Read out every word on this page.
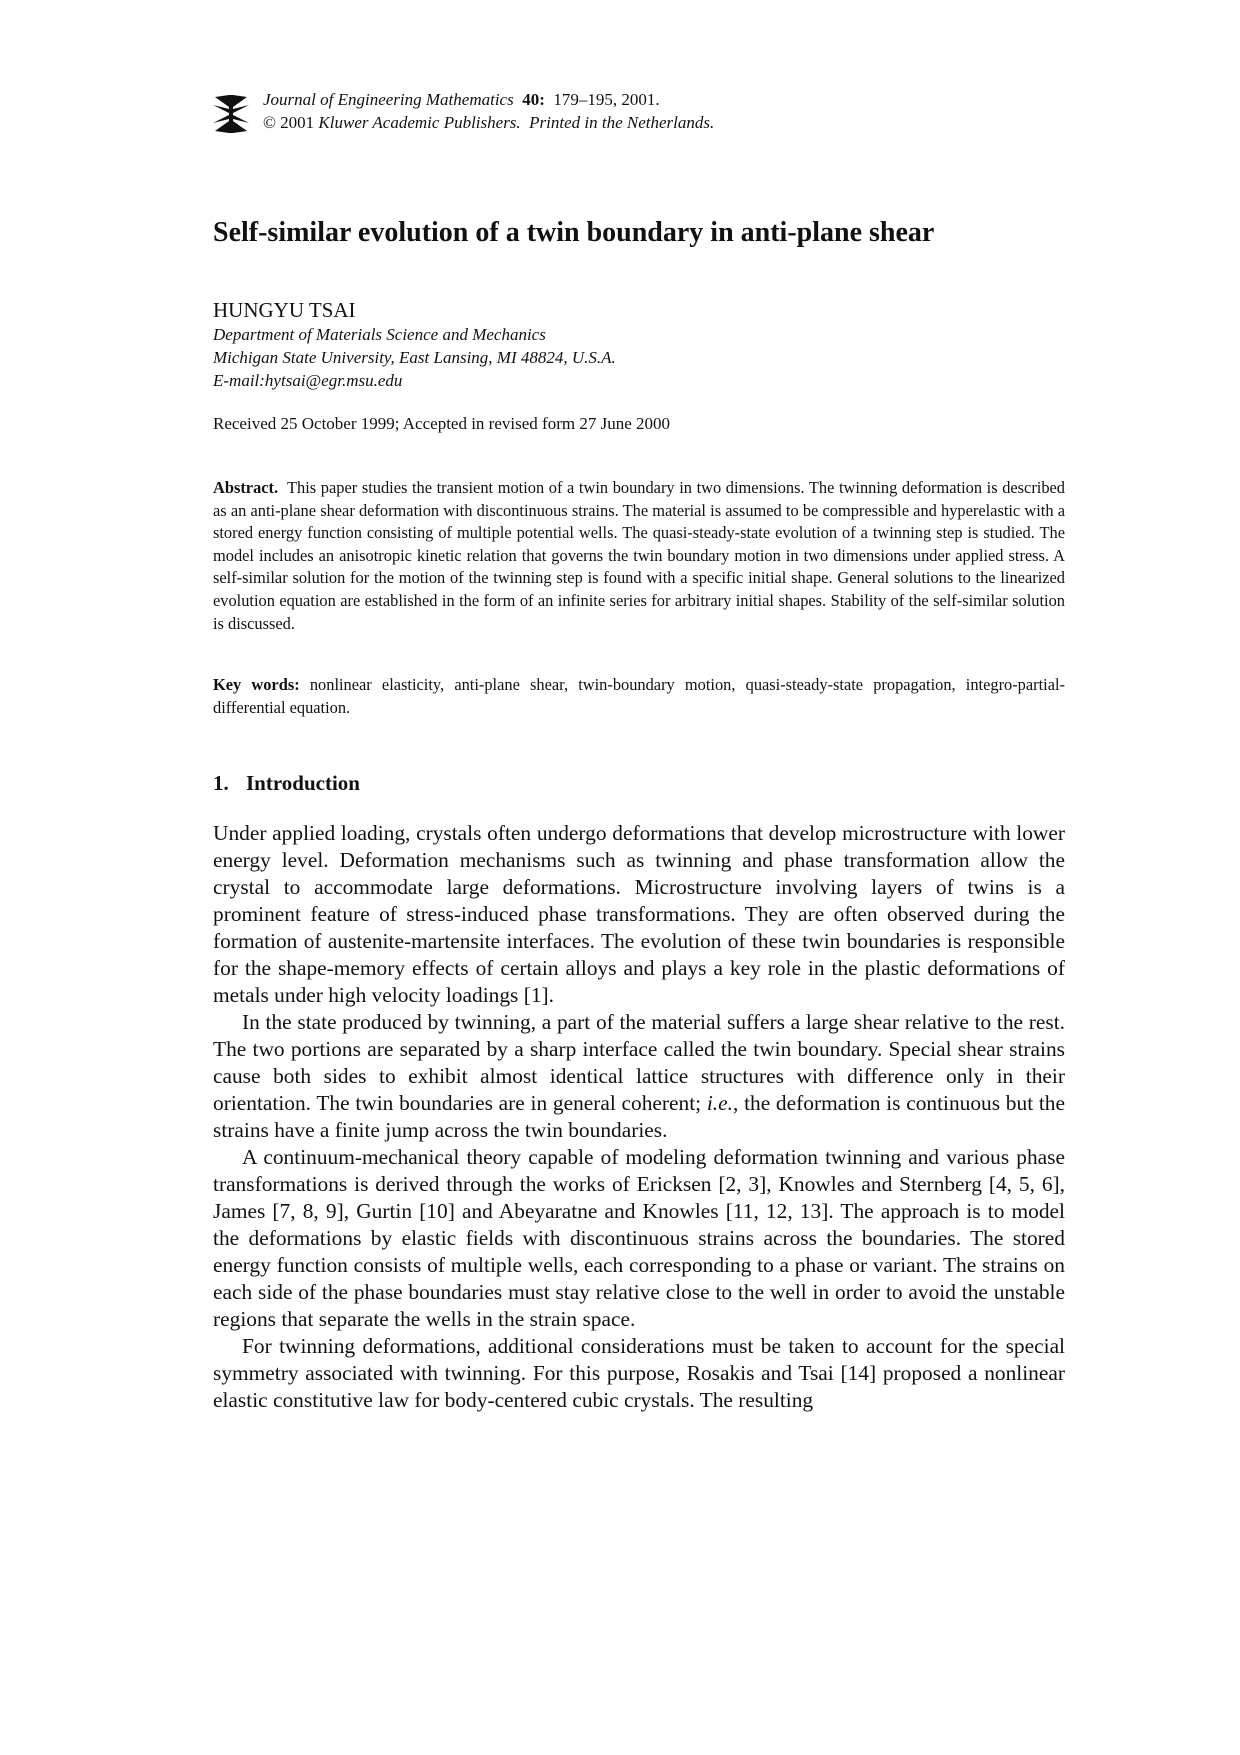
Journal of Engineering Mathematics 40: 179–195, 2001.
© 2001 Kluwer Academic Publishers. Printed in the Netherlands.
Self-similar evolution of a twin boundary in anti-plane shear
HUNGYU TSAI
Department of Materials Science and Mechanics
Michigan State University, East Lansing, MI 48824, U.S.A.
E-mail:hytsai@egr.msu.edu
Received 25 October 1999; Accepted in revised form 27 June 2000

Abstract. This paper studies the transient motion of a twin boundary in two dimensions. The twinning deformation is described as an anti-plane shear deformation with discontinuous strains. The material is assumed to be compressible and hyperelastic with a stored energy function consisting of multiple potential wells. The quasi-steady-state evolution of a twinning step is studied. The model includes an anisotropic kinetic relation that governs the twin boundary motion in two dimensions under applied stress. A self-similar solution for the motion of the twinning step is found with a specific initial shape. General solutions to the linearized evolution equation are established in the form of an infinite series for arbitrary initial shapes. Stability of the self-similar solution is discussed.

Key words: nonlinear elasticity, anti-plane shear, twin-boundary motion, quasi-steady-state propagation, integro-partial-differential equation.

1. Introduction

Under applied loading, crystals often undergo deformations that develop microstructure with lower energy level. Deformation mechanisms such as twinning and phase transformation allow the crystal to accommodate large deformations. Microstructure involving layers of twins is a prominent feature of stress-induced phase transformations. They are often observed during the formation of austenite-martensite interfaces. The evolution of these twin boundaries is responsible for the shape-memory effects of certain alloys and plays a key role in the plastic deformations of metals under high velocity loadings [1].

In the state produced by twinning, a part of the material suffers a large shear relative to the rest. The two portions are separated by a sharp interface called the twin boundary. Special shear strains cause both sides to exhibit almost identical lattice structures with difference only in their orientation. The twin boundaries are in general coherent; i.e., the deformation is continuous but the strains have a finite jump across the twin boundaries.

A continuum-mechanical theory capable of modeling deformation twinning and various phase transformations is derived through the works of Ericksen [2, 3], Knowles and Sternberg [4, 5, 6], James [7, 8, 9], Gurtin [10] and Abeyaratne and Knowles [11, 12, 13]. The approach is to model the deformations by elastic fields with discontinuous strains across the boundaries. The stored energy function consists of multiple wells, each corresponding to a phase or variant. The strains on each side of the phase boundaries must stay relative close to the well in order to avoid the unstable regions that separate the wells in the strain space.

For twinning deformations, additional considerations must be taken to account for the special symmetry associated with twinning. For this purpose, Rosakis and Tsai [14] proposed a nonlinear elastic constitutive law for body-centered cubic crystals. The resulting
